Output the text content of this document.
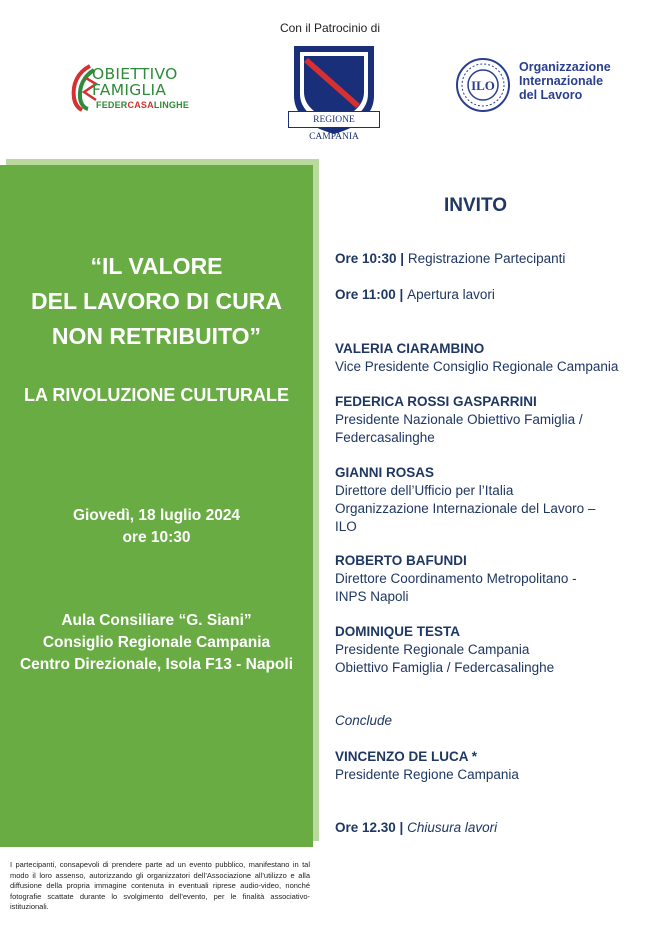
Con il Patrocinio di
OBIETTIVO
FAMIGLIA
FEDERCASALINGHE
REGIONE CAMPANIA
ILO
Organizzazione
Internazionale
del Lavoro
“IL VALORE
DEL LAVORO DI CURA
NON RETRIBUITO”
LA RIVOLUZIONE CULTURALE
Giovedì, 18 luglio 2024
ore 10:30
Aula Consiliare “G. Siani”
Consiglio Regionale Campania
Centro Direzionale, Isola F13 - Napoli
INVITO
Ore 10:30 | Registrazione Partecipanti
Ore 11:00 | Apertura lavori
VALERIA CIARAMBINO
Vice Presidente Consiglio Regionale Campania
FEDERICA ROSSI GASPARRINI
Presidente Nazionale Obiettivo Famiglia /
Federcasalinghe
GIANNI ROSAS
Direttore dell’Ufficio per l’Italia
Organizzazione Internazionale del Lavoro –
ILO
ROBERTO BAFUNDI
Direttore Coordinamento Metropolitano -
INPS Napoli
DOMINIQUE TESTA
Presidente Regionale Campania
Obiettivo Famiglia / Federcasalinghe
Conclude
VINCENZO DE LUCA *
Presidente Regione Campania
Ore 12.30 | Chiusura lavori
I partecipanti, consapevoli di prendere parte ad un evento pubblico, manifestano in tal modo il loro assenso, autorizzando gli organizzatori dell’Associazione all’utilizzo e alla diffusione della propria immagine contenuta in eventuali riprese audio-video, nonché fotografie scattate durante lo svolgimento dell’evento, per le finalità associativo-istituzionali.
